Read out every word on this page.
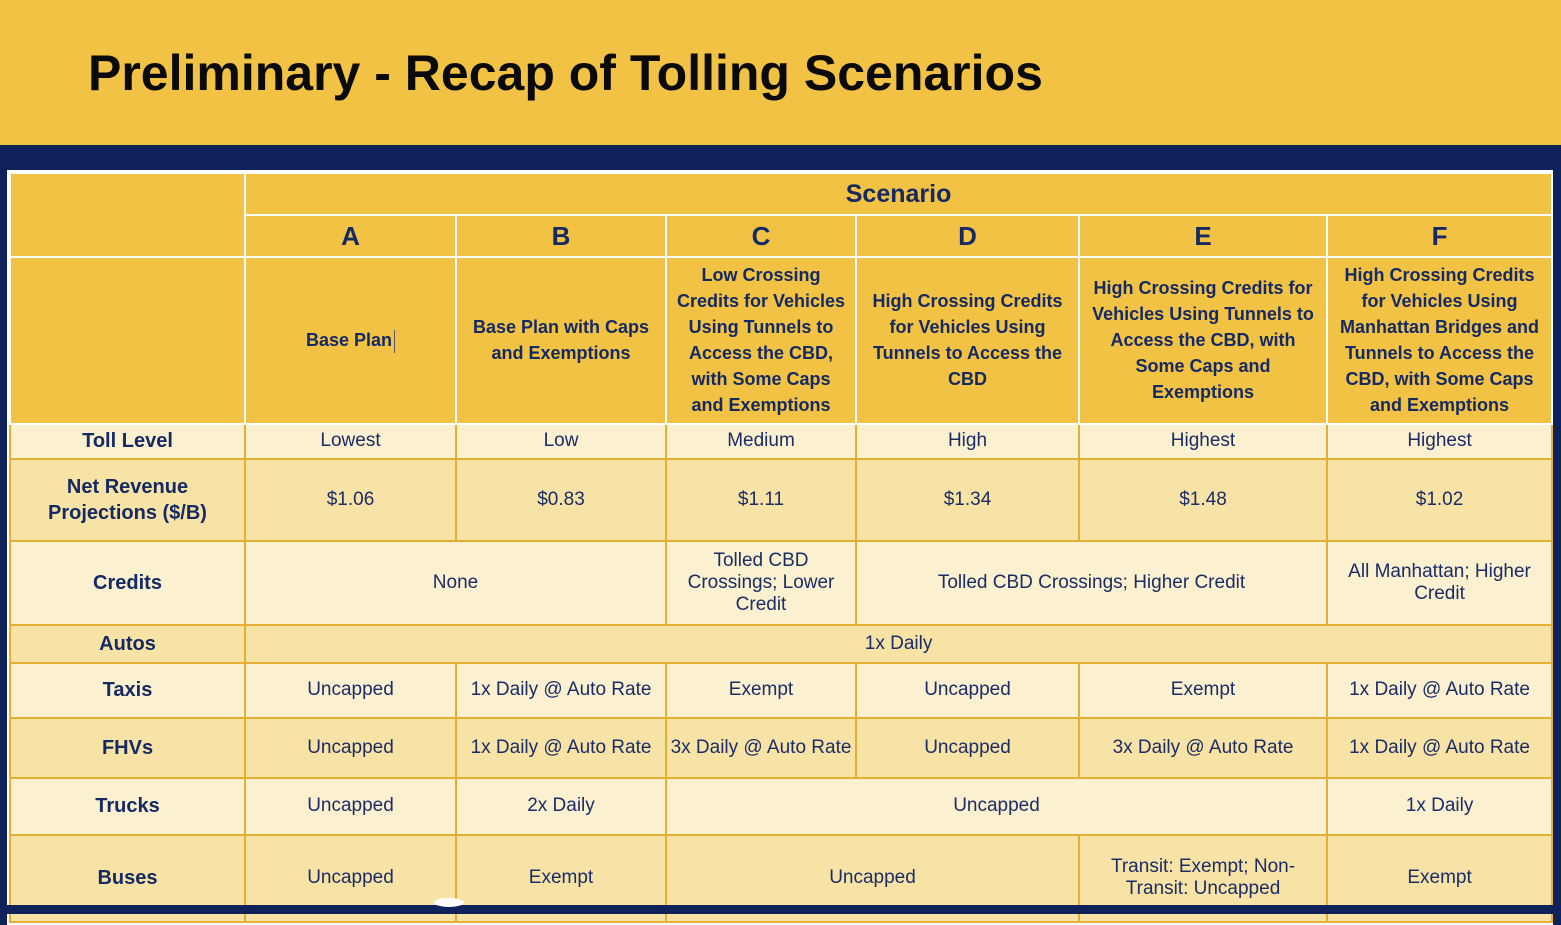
Preliminary - Recap of Tolling Scenarios
	Scenario					
	A	B	C	D	E	F
	Base Plan	Base Plan with Caps and Exemptions	Low Crossing Credits for Vehicles Using Tunnels to Access the CBD, with Some Caps and Exemptions	High Crossing Credits for Vehicles Using Tunnels to Access the CBD	High Crossing Credits for Vehicles Using Tunnels to Access the CBD, with Some Caps and Exemptions	High Crossing Credits for Vehicles Using Manhattan Bridges and Tunnels to Access the CBD, with Some Caps and Exemptions
Toll Level	Lowest	Low	Medium	High	Highest	Highest
Net Revenue Projections ($/B)	$1.06	$0.83	$1.11	$1.34	$1.48	$1.02
Credits	None		Tolled CBD Crossings; Lower Credit	Tolled CBD Crossings; Higher Credit		All Manhattan; Higher Credit
Autos	1x Daily					
Taxis	Uncapped	1x Daily @ Auto Rate	Exempt	Uncapped	Exempt	1x Daily @ Auto Rate
FHVs	Uncapped	1x Daily @ Auto Rate	3x Daily @ Auto Rate	Uncapped	3x Daily @ Auto Rate	1x Daily @ Auto Rate
Trucks	Uncapped	2x Daily	Uncapped			1x Daily
Buses	Uncapped	Exempt	Uncapped		Transit: Exempt; Non-Transit: Uncapped	Exempt
